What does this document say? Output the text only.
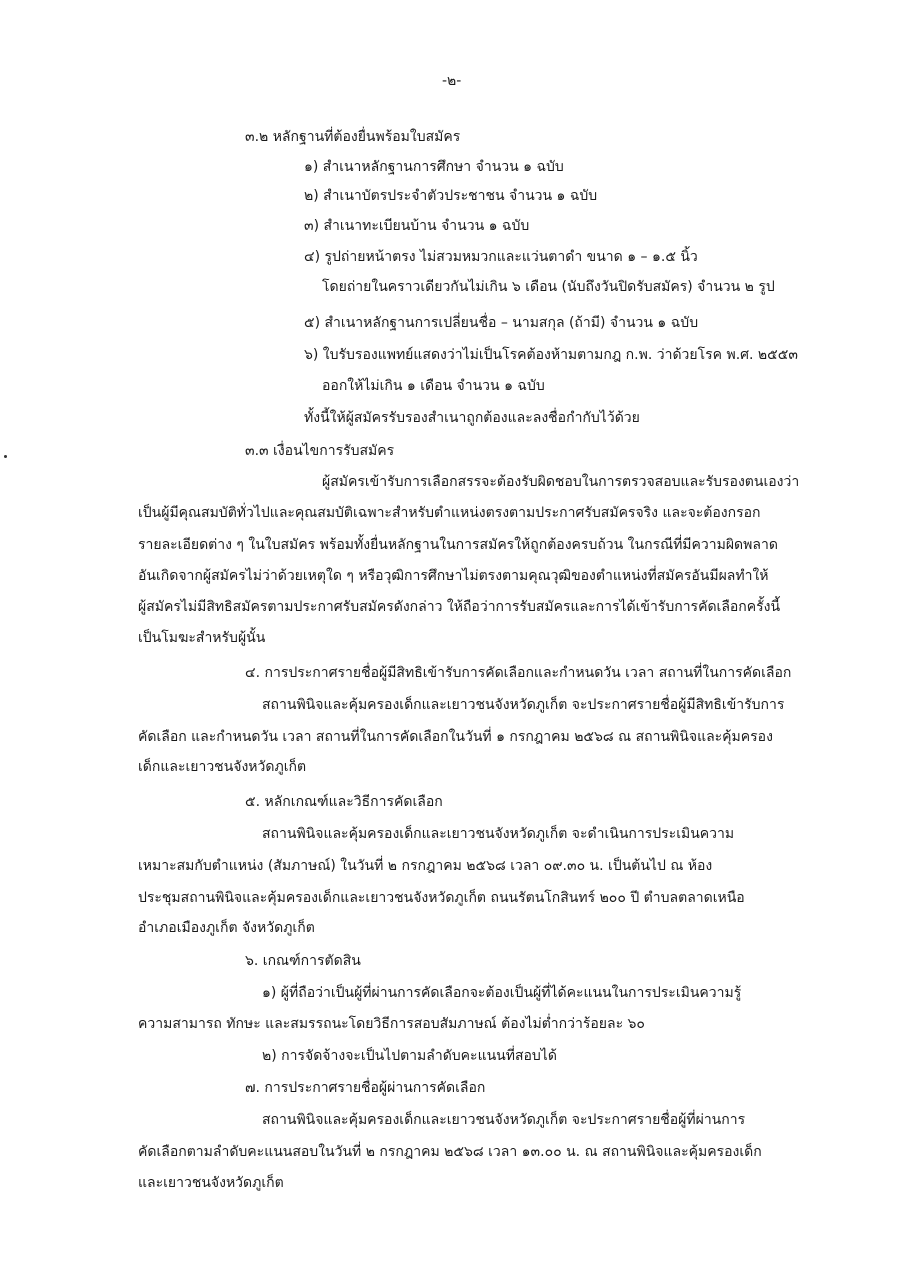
-๒-
๓.๒ หลักฐานที่ต้องยื่นพร้อมใบสมัคร
๑) สำเนาหลักฐานการศึกษา จำนวน ๑ ฉบับ
๒) สำเนาบัตรประจำตัวประชาชน จำนวน ๑ ฉบับ
๓) สำเนาทะเบียนบ้าน จำนวน ๑ ฉบับ
๔) รูปถ่ายหน้าตรง ไม่สวมหมวกและแว่นตาดำ ขนาด ๑ – ๑.๕ นิ้ว
โดยถ่ายในคราวเดียวกันไม่เกิน ๖ เดือน (นับถึงวันปิดรับสมัคร) จำนวน ๒ รูป
๕) สำเนาหลักฐานการเปลี่ยนชื่อ – นามสกุล (ถ้ามี) จำนวน ๑ ฉบับ
๖) ใบรับรองแพทย์แสดงว่าไม่เป็นโรคต้องห้ามตามกฎ ก.พ. ว่าด้วยโรค พ.ศ. ๒๕๕๓
ออกให้ไม่เกิน ๑ เดือน จำนวน ๑ ฉบับ
ทั้งนี้ให้ผู้สมัครรับรองสำเนาถูกต้องและลงชื่อกำกับไว้ด้วย
๓.๓ เงื่อนไขการรับสมัคร
ผู้สมัครเข้ารับการเลือกสรรจะต้องรับผิดชอบในการตรวจสอบและรับรองตนเองว่า
เป็นผู้มีคุณสมบัติทั่วไปและคุณสมบัติเฉพาะสำหรับตำแหน่งตรงตามประกาศรับสมัครจริง และจะต้องกรอก
รายละเอียดต่าง ๆ ในใบสมัคร พร้อมทั้งยื่นหลักฐานในการสมัครให้ถูกต้องครบถ้วน ในกรณีที่มีความผิดพลาด
อันเกิดจากผู้สมัครไม่ว่าด้วยเหตุใด ๆ หรือวุฒิการศึกษาไม่ตรงตามคุณวุฒิของตำแหน่งที่สมัครอันมีผลทำให้
ผู้สมัครไม่มีสิทธิสมัครตามประกาศรับสมัครดังกล่าว ให้ถือว่าการรับสมัครและการได้เข้ารับการคัดเลือกครั้งนี้
เป็นโมฆะสำหรับผู้นั้น
๔. การประกาศรายชื่อผู้มีสิทธิเข้ารับการคัดเลือกและกำหนดวัน เวลา สถานที่ในการคัดเลือก
สถานพินิจและคุ้มครองเด็กและเยาวชนจังหวัดภูเก็ต จะประกาศรายชื่อผู้มีสิทธิเข้ารับการ
คัดเลือก และกำหนดวัน เวลา สถานที่ในการคัดเลือกในวันที่ ๑ กรกฎาคม ๒๕๖๘ ณ สถานพินิจและคุ้มครอง
เด็กและเยาวชนจังหวัดภูเก็ต
๕. หลักเกณฑ์และวิธีการคัดเลือก
สถานพินิจและคุ้มครองเด็กและเยาวชนจังหวัดภูเก็ต จะดำเนินการประเมินความ
เหมาะสมกับตำแหน่ง (สัมภาษณ์) ในวันที่ ๒ กรกฎาคม ๒๕๖๘ เวลา ๐๙.๓๐ น. เป็นต้นไป ณ ห้อง
ประชุมสถานพินิจและคุ้มครองเด็กและเยาวชนจังหวัดภูเก็ต ถนนรัตนโกสินทร์ ๒๐๐ ปี ตำบลตลาดเหนือ
อำเภอเมืองภูเก็ต จังหวัดภูเก็ต
๖. เกณฑ์การตัดสิน
๑) ผู้ที่ถือว่าเป็นผู้ที่ผ่านการคัดเลือกจะต้องเป็นผู้ที่ได้คะแนนในการประเมินความรู้
ความสามารถ ทักษะ และสมรรถนะโดยวิธีการสอบสัมภาษณ์ ต้องไม่ต่ำกว่าร้อยละ ๖๐
๒) การจัดจ้างจะเป็นไปตามลำดับคะแนนที่สอบได้
๗. การประกาศรายชื่อผู้ผ่านการคัดเลือก
สถานพินิจและคุ้มครองเด็กและเยาวชนจังหวัดภูเก็ต จะประกาศรายชื่อผู้ที่ผ่านการ
คัดเลือกตามลำดับคะแนนสอบในวันที่ ๒ กรกฎาคม ๒๕๖๘ เวลา ๑๓.๐๐ น. ณ สถานพินิจและคุ้มครองเด็ก
และเยาวชนจังหวัดภูเก็ต
